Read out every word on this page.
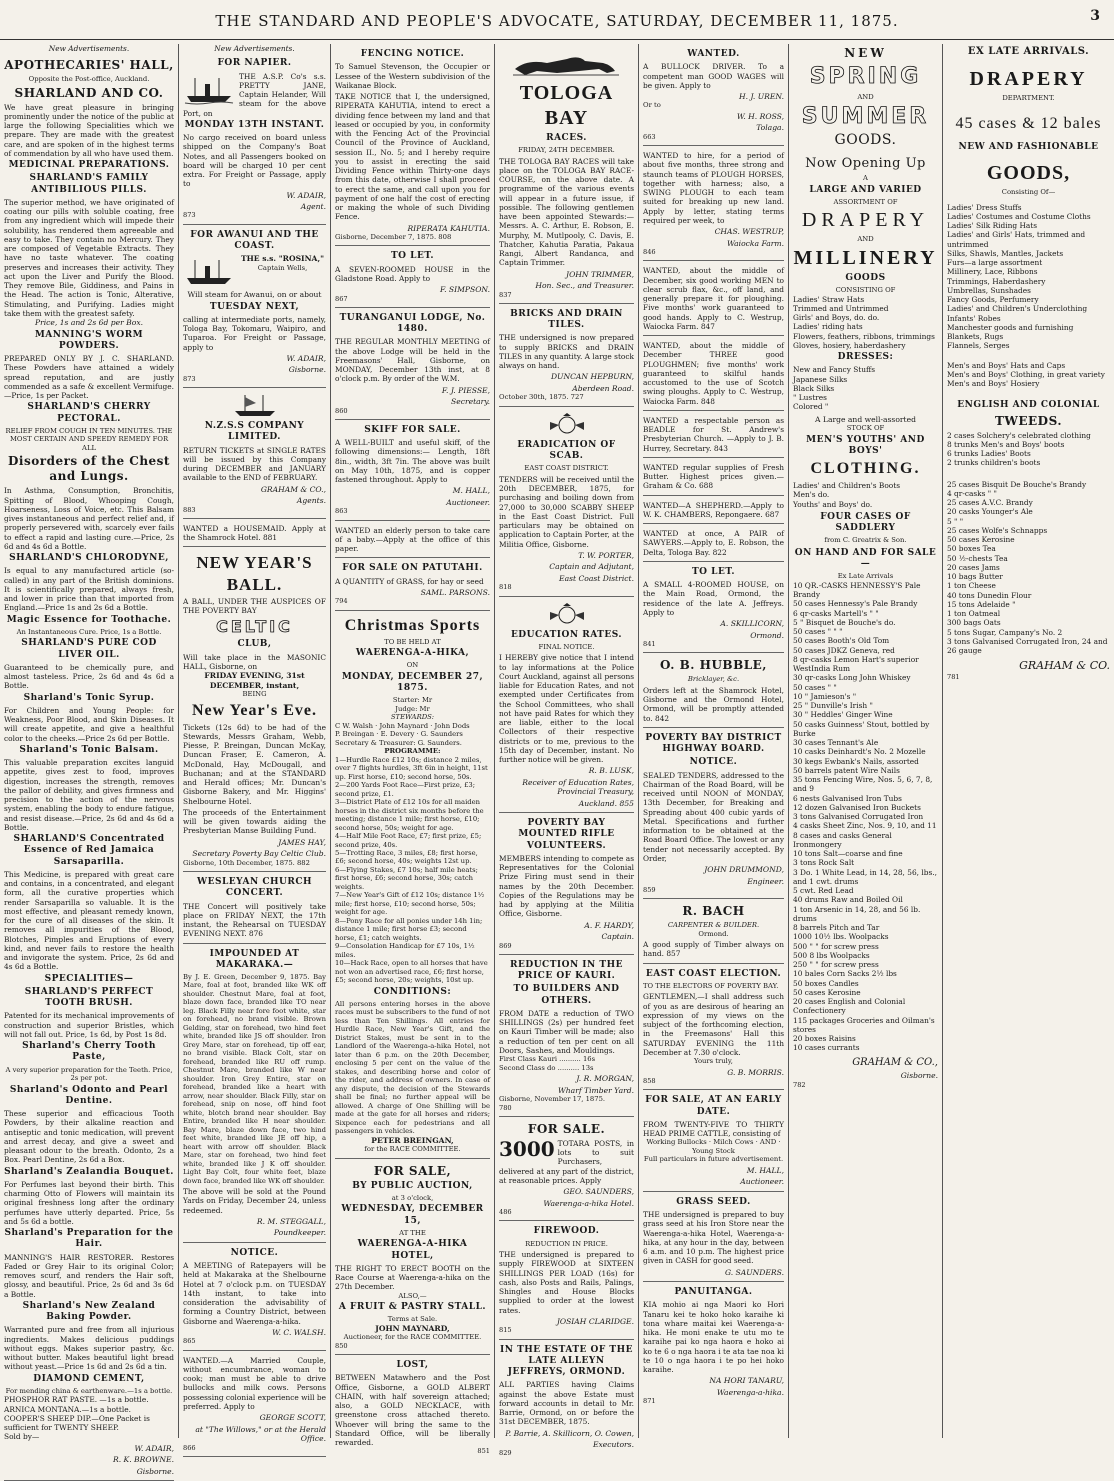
THE STANDARD AND PEOPLE'S ADVOCATE, SATURDAY, DECEMBER 11, 1875.	3
New Advertisements.
APOTHECARIES' HALL,
Opposite the Post-office, Auckland.
SHARLAND AND CO.
We have great pleasure in bringing prominently under the notice of the public at large the following Specialities which we prepare. They are made with the greatest care, and are spoken of in the highest terms of commendation by all who have used them.
MEDICINAL PREPARATIONS.
SHARLAND'S FAMILY ANTIBILIOUS PILLS.
The superior method, we have originated of coating our pills with soluble coating, free from any ingredient which will impede their solubility, has rendered them agreeable and easy to take. They contain no Mercury. They are composed of Vegetable Extracts. They have no taste whatever. The coating preserves and increases their activity. They act upon the Liver and Purify the Blood. They remove Bile, Giddiness, and Pains in the Head. The action is Tonic, Alterative, Stimulating, and Purifying. Ladies might take them with the greatest safety.
Price, 1s and 2s 6d per Box.
MANNING'S WORM POWDERS.
PREPARED ONLY BY J. C. SHARLAND. These Powders have attained a widely spread reputation, and are justly commended as a safe & excellent Vermifuge.—Price, 1s per Packet.
SHARLAND'S CHERRY PECTORAL.
RELIEF FROM COUGH IN TEN MINUTES. THE MOST CERTAIN AND SPEEDY REMEDY FOR ALL
Disorders of the Chest and Lungs.
In Asthma, Consumption, Bronchitis, Spitting of Blood, Whooping Cough, Hoarseness, Loss of Voice, etc. This Balsam gives instantaneous and perfect relief and, if properly persevered with, scarcely ever fails to effect a rapid and lasting cure.—Price, 2s 6d and 4s 6d a Bottle.
SHARLAND'S CHLORODYNE,
Is equal to any manufactured article (so-called) in any part of the British dominions. It is scientifically prepared, always fresh, and lower in price than that imported from England.—Price 1s and 2s 6d a Bottle.
Magic Essence for Toothache.
An Instantaneous Cure. Price, 1s a Bottle.
SHARLAND'S PURE COD LIVER OIL.
Guaranteed to be chemically pure, and almost tasteless. Price, 2s 6d and 4s 6d a Bottle.
Sharland's Tonic Syrup.
For Children and Young People: for Weakness, Poor Blood, and Skin Diseases. It will create appetite, and give a healthful color to the cheeks.—Price 2s 6d per Bottle.
Sharland's Tonic Balsam.
This valuable preparation excites languid appetite, gives zest to food, improves digestion, increases the strength, removes the pallor of debility, and gives firmness and precision to the action of the nervous system, enabling the body to endure fatigue, and resist disease.—Price, 2s 6d and 4s 6d a Bottle.
SHARLAND'S Concentrated Essence of Red Jamaica Sarsaparilla.
This Medicine, is prepared with great care and contains, in a concentrated, and elegant form, all the curative properties which render Sarsaparilla so valuable. It is the most effective, and pleasant remedy known, for the cure of all diseases of the skin. It removes all impurities of the Blood, Blotches, Pimples and Eruptions of every kind, and never fails to restore the health and invigorate the system. Price, 2s 6d and 4s 6d a Bottle.
SPECIALITIES—
SHARLAND'S PERFECT TOOTH BRUSH.
Patented for its mechanical improvements of construction and superior Bristles, which will not fall out. Price, 1s 6d, by Post 1s 8d.
Sharland's Cherry Tooth Paste,
A very superior preparation for the Teeth. Price, 2s per pot.
Sharland's Odonto and Pearl Dentine.
These superior and efficacious Tooth Powders, by their alkaline reaction and antiseptic and tonic medication, will prevent and arrest decay, and give a sweet and pleasant odour to the breath. Odonto, 2s a Box. Pearl Dentine, 2s 6d a Box.
Sharland's Zealandia Bouquet.
For Perfumes last beyond their birth. This charming Otto of Flowers will maintain its original freshness long after the ordinary perfumes have utterly departed. Price, 5s and 5s 6d a bottle.
Sharland's Preparation for the Hair.
MANNING'S HAIR RESTORER. Restores Faded or Grey Hair to its original Color; removes scurf, and renders the Hair soft, glossy, and beautiful. Price, 2s 6d and 3s 6d a Bottle.
Sharland's New Zealand Baking Powder.
Warranted pure and free from all injurious ingredients. Makes delicious puddings without eggs. Makes superior pastry, &c. without butter. Makes beautiful light bread without yeast.—Price 1s 6d and 2s 6d a tin.
DIAMOND CEMENT,
For mending china & earthenware.—1s a bottle.
PHOSPHOR RAT PASTE. —1s a bottle.
ARNICA MONTANA.—1s a bottle.
COOPER'S SHEEP DIP.—One Packet is sufficient for TWENTY SHEEP.
Sold by—
W. ADAIR,
R. K. BROWNE.
Gisborne.
New Advertisements.
FOR NAPIER.
THE A.S.P. Co's s.s. PRETTY JANE, Captain Helander, Will steam for the above Port, on
MONDAY 13TH INSTANT.
No cargo received on board unless shipped on the Company's Boat Notes, and all Passengers booked on board will be charged 10 per cent extra. For Freight or Passage, apply to
W. ADAIR,
Agent.
873
FOR AWANUI AND THE COAST.
THE s.s. "ROSINA,"
Captain Wells,
Will steam for Awanui, on or about
TUESDAY NEXT,
calling at intermediate ports, namely, Tologa Bay, Tokomaru, Waipiro, and Tuparoa. For Freight or Passage, apply to
W. ADAIR,
Gisborne.
873
N.Z.S.S COMPANY LIMITED.
RETURN TICKETS at SINGLE RATES will be issued by this Company during DECEMBER and JANUARY available to the END of FEBRUARY.
GRAHAM & CO.,
Agents.
883
WANTED a HOUSEMAID. Apply at the Shamrock Hotel. 881
NEW YEAR'S BALL.
A BALL, UNDER THE AUSPICES OF THE POVERTY BAY
CELTIC
CLUB,
Will take place in the MASONIC HALL, Gisborne, on
FRIDAY EVENING, 31st DECEMBER, instant,
BEING
New Year's Eve.
Tickets (12s 6d) to be had of the Stewards, Messrs Graham, Webb, Piesse, P. Breingan, Duncan McKay, Duncan Fraser, E. Cameron, A. McDonald, Hay, McDougall, and Buchanan; and at the STANDARD and Herald offices; Mr. Duncan's Gisborne Bakery, and Mr. Higgins' Shelbourne Hotel.
The proceeds of the Entertainment will be given towards aiding the Presbyterian Manse Building Fund.
JAMES HAY,
Secretary Poverty Bay Celtic Club.
Gisborne, 10th December, 1875. 882
WESLEYAN CHURCH CONCERT.
THE Concert will positively take place on FRIDAY NEXT, the 17th instant, the Rehearsal on TUESDAY EVENING NEXT. 876
IMPOUNDED AT MAKARAKA.—
By J. E. Green, December 9, 1875. Bay Mare, foal at foot, branded like WK off shoulder. Chestnut Mare, foal at foot, blaze down face, branded like TO near leg. Black Filly near fore foot white, star on forehead, no brand visible. Brown Gelding, star on forehead, two hind feet white, branded like JS off shoulder. Iron Grey Mare, star on forehead, tip off ear, no brand visible. Black Colt, star on forehead, branded like RU off rump. Chestnut Mare, branded like W near shoulder. Iron Grey Entire, star on forehead, branded like a heart with arrow, near shoulder. Black Filly, star on forehead, snip on nose, off hind foot white, blotch brand near shoulder. Bay Entire, branded like H near shoulder. Bay Mare, blaze down face, two hind feet white, branded like JE off hip, a heart with arrow off shoulder. Black Mare, star on forehead, two hind feet white, branded like J K off shoulder. Light Bay Colt, four white feet, blaze down face, branded like WK off shoulder.
The above will be sold at the Pound Yards on Friday, December 24, unless redeemed.
R. M. STEGGALL,
Poundkeeper.
NOTICE.
A MEETING of Ratepayers will be held at Makaraka at the Shelbourne Hotel at 7 o'clock p.m. on TUESDAY 14th instant, to take into consideration the advisability of forming a Country District, between Gisborne and Waerenga-a-hika.
W. C. WALSH.
865
WANTED.—A Married Couple, without encumbrance, woman to cook; man must be able to drive bullocks and milk cows. Persons possessing colonial experience will be preferred. Apply to
GEORGE SCOTT,
at "The Willows," or at the Herald Office.
866
FENCING NOTICE.
To Samuel Stevenson, the Occupier or Lessee of the Western subdivision of the Waikanae Block.
TAKE NOTICE that I, the undersigned, RIPERATA KAHUTIA, intend to erect a dividing fence between my land and that leased or occupied by you, in conformity with the Fencing Act of the Provincial Council of the Province of Auckland, session II., No. 5; and I hereby require you to assist in erecting the said Dividing Fence within Thirty-one days from this date, otherwise I shall proceed to erect the same, and call upon you for payment of one half the cost of erecting or making the whole of such Dividing Fence.
RIPERATA KAHUTIA.
Gisborne, December 7, 1875. 808
TO LET.
A SEVEN-ROOMED HOUSE in the Gladstone Road. Apply to
F. SIMPSON.
867
TURANGANUI LODGE, No. 1480.
THE REGULAR MONTHLY MEETING of the above Lodge will be held in the Freemasons' Hall, Gisborne, on MONDAY, December 13th inst, at 8 o'clock p.m. By order of the W.M.
F. J. PIESSE,
Secretary.
860
SKIFF FOR SALE.
A WELL-BUILT and useful skiff, of the following dimensions:— Length, 18ft 8in., width, 3ft 7in. The above was built on May 10th, 1875, and is copper fastened throughout. Apply to
M. HALL,
Auctioneer.
863
WANTED an elderly person to take care of a baby.—Apply at the office of this paper.
FOR SALE ON PATUTAHI.
A QUANTITY of GRASS, for hay or seed
SAML. PARSONS.
794
Christmas Sports
TO BE HELD AT
WAERENGA-A-HIKA,
ON
MONDAY, DECEMBER 27, 1875.
Starter: Mr
Judge: Mr
STEWARDS:
C W. Walsh · John Maynard · John Dods
P. Breingan · E. Devery · G. Saunders
Secretary & Treasurer: G. Saunders.
PROGRAMME:
1—Hurdle Race £12 10s; distance 2 miles, over 7 flights hurdles, 3ft 6in in height, 11st up. First horse, £10; second horse, 50s.
2—200 Yards Foot Race—First prize, £3; second prize, £1.
3—District Plate of £12 10s for all maiden horses in the district six months before the meeting; distance 1 mile; first horse, £10; second horse, 50s; weight for age.
4—Half Mile Foot Race, £7; first prize, £5; second prize, 40s.
5—Trotting Race, 3 miles, £8; first horse, £6; second horse, 40s; weights 12st up.
6—Flying Stakes, £7 10s; half mile heats; first horse, £6; second horse, 30s; catch weights.
7—New Year's Gift of £12 10s; distance 1½ mile; first horse, £10; second horse, 50s; weight for age.
8—Pony Race for all ponies under 14h 1in; distance 1 mile; first horse £3; second horse, £1; catch weights.
9—Consolation Handicap for £7 10s, 1½ miles.
10—Hack Race, open to all horses that have not won an advertised race, £6; first horse, £5; second horse, 20s; weights, 10st up.
CONDITIONS:
All persons entering horses in the above races must be subscribers to the fund of not less than Ten Shillings. All entries for Hurdle Race, New Year's Gift, and the District Stakes, must be sent in to the Landlord of the Waerenga-a-hika Hotel, not later than 6 p.m. on the 20th December, enclosing 5 per cent on the value of the stakes, and describing horse and color of the rider, and address of owners. In case of any dispute, the decision of the Stewards shall be final; no further appeal will be allowed. A charge of One Shilling will be made at the gate for all horses and riders; Sixpence each for pedestrians and all passengers in vehicles.
PETER BREINGAN,
for the RACE COMMITTEE.
FOR SALE,
BY PUBLIC AUCTION,
at 3 o'clock,
WEDNESDAY, DECEMBER 15,
AT THE
WAERENGA-A-HIKA HOTEL,
THE RIGHT TO ERECT BOOTH on the Race Course at Waerenga-a-hika on the 27th December.
ALSO,—
A FRUIT & PASTRY STALL.
Terms at Sale.
JOHN MAYNARD,
Auctioneer, for the RACE COMMITTEE.
850
LOST,
BETWEEN Matawhero and the Post Office, Gisborne, a GOLD ALBERT CHAIN, with half sovereign attached; also, a GOLD NECKLACE, with greenstone cross attached thereto. Whoever will bring the same to the Standard Office, will be liberally rewarded.
851
TOLOGA BAY
RACES.
FRIDAY, 24TH DECEMBER.
THE TOLOGA BAY RACES will take place on the TOLOGA BAY RACE-COURSE, on the above date. A programme of the various events will appear in a future issue, if possible. The following gentlemen have been appointed Stewards:— Messrs. A. C. Arthur, E. Robson, E. Murphy, M. Mutlpooly, C. Davis, E. Thatcher, Kahutia Paratia, Pakaua Rangi, Albert Randanca, and Captain Trimmer.
JOHN TRIMMER,
Hon. Sec., and Treasurer.
837
BRICKS AND DRAIN TILES.
THE undersigned is now prepared to supply BRICKS and DRAIN TILES in any quantity. A large stock always on hand.
DUNCAN HEPBURN,
Aberdeen Road.
October 30th, 1875. 727
ERADICATION OF SCAB.
EAST COAST DISTRICT.
TENDERS will be received until the 20th DECEMBER, 1875, for purchasing and boiling down from 27,000 to 30,000 SCABBY SHEEP in the East Coast District. Full particulars may be obtained on application to Captain Porter, at the Militia Office, Gisborne.
T. W. PORTER,
Captain and Adjutant,
East Coast District.
818
EDUCATION RATES.
FINAL NOTICE.
I HEREBY give notice that I intend to lay informations at the Police Court Auckland, against all persons liable for Education Rates, and not exempted under Certificates from the School Committees, who shall not have paid Rates for which they are liable, either to the local Collectors of their respective districts or to me, previous to the 15th day of December, instant. No further notice will be given.
R. B. LUSK,
Receiver of Education Rates, Provincial Treasury,
Auckland. 855
POVERTY BAY MOUNTED RIFLE VOLUNTEERS.
MEMBERS intending to compete as Representatives for the Colonial Prize Firing must send in their names by the 20th December. Copies of the Regulations may be had by applying at the Militia Office, Gisborne.
A. F. HARDY,
Captain.
869
REDUCTION IN THE PRICE OF KAURI.
TO BUILDERS AND OTHERS.
FROM DATE a reduction of TWO SHILLINGS (2s) per hundred feet on Kauri Timber will be made; also a reduction of ten per cent on all Doors, Sashes, and Mouldings.
First Class Kauri .......... 16s
Second Class do .......... 13s
J. R. MORGAN,
Wharf Timber Yard.
Gisborne, November 17, 1875.
780
FOR SALE.
3000 TOTARA POSTS, in lots to suit Purchasers, delivered at any part of the district, at reasonable prices. Apply
GEO. SAUNDERS,
Waerenga-a-hika Hotel.
486
FIREWOOD.
REDUCTION IN PRICE.
THE undersigned is prepared to supply FIREWOOD at SIXTEEN SHILLINGS PER LOAD (16s) for cash, also Posts and Rails, Palings, Shingles and House Blocks supplied to order at the lowest rates.
JOSIAH CLARIDGE.
815
IN THE ESTATE OF THE LATE ALLEYN JEFFREYS, ORMOND.
ALL PARTIES having Claims against the above Estate must forward accounts in detail to Mr. Barrie, Ormond, on or before the 31st DECEMBER, 1875.
P. Barrie, A. Skillicorn, O. Cowen,
Executors.
829
WANTED.
A BULLOCK DRIVER. To a competent man GOOD WAGES will be given. Apply to
H. J. UREN.
Or to
W. H. ROSS,
Tolaga.
663
WANTED to hire, for a period of about five months, three strong and staunch teams of PLOUGH HORSES, together with harness; also, a SWING PLOUGH to each team suited for breaking up new land. Apply by letter, stating terms required per week, to
CHAS. WESTRUP,
Waiocka Farm.
846
WANTED, about the middle of December, six good working MEN to clear scrub flax, &c., off land, and generally prepare it for ploughing. Five months' work guaranteed to good hands. Apply to C. Westrup, Waiocka Farm. 847
WANTED, about the middle of December THREE good PLOUGHMEN; five months' work guaranteed to skilful hands accustomed to the use of Scotch swing ploughs. Apply to C. Westrup, Waiocka Farm. 848
WANTED a respectable person as BEADLE for St. Andrew's Presbyterian Church. —Apply to J. B. Hurrey, Secretary. 843
WANTED regular supplies of Fresh Butter. Highest prices given.— Graham & Co. 688
WANTED—A SHEPHERD.—Apply to W. K. CHAMBERS, Repongaere. 687
WANTED at once, A PAIR of SAWYERS.—Apply to, E. Robson, the Delta, Tologa Bay. 822
TO LET.
A SMALL 4-ROOMED HOUSE, on the Main Road, Ormond, the residence of the late A. Jeffreys. Apply to
A. SKILLICORN,
Ormond.
841
O. B. HUBBLE,
Bricklayer, &c.
Orders left at the Shamrock Hotel, Gisborne and the Ormond Hotel, Ormond, will be promptly attended to. 842
POVERTY BAY DISTRICT HIGHWAY BOARD.
NOTICE.
SEALED TENDERS, addressed to the Chairman of the Road Board, will be received until NOON of MONDAY, 13th December, for Breaking and Spreading about 400 cubic yards of Metal. Specifications and further information to be obtained at the Road Board Office. The lowest or any tender not necessarily accepted. By Order,
JOHN DRUMMOND,
Engineer.
859
R. BACH
CARPENTER & BUILDER.
Ormond.
A good supply of Timber always on hand. 857
EAST COAST ELECTION.
TO THE ELECTORS OF POVERTY BAY.
GENTLEMEN,—I shall address such of you as are desirous of hearing an expression of my views on the subject of the forthcoming election, in the Freemasons' Hall this SATURDAY EVENING the 11th December at 7.30 o'clock.
Yours truly,
G. B. MORRIS.
858
FOR SALE, AT AN EARLY DATE.
FROM TWENTY-FIVE TO THIRTY HEAD PRIME CATTLE, consisting of
Working Bullocks · Milch Cows · AND · Young Stock
Full particulars in future advertisement.
M. HALL,
Auctioneer.
GRASS SEED.
THE undersigned is prepared to buy grass seed at his Iron Store near the Waerenga-a-hika Hotel, Waerenga-a-hika, at any hour in the day, between 6 a.m. and 10 p.m. The highest price given in CASH for good seed.
G. SAUNDERS.
PANUITANGA.
KIA mohio ai nga Maori ko Hori Tanaru kei te hoko hoko karaihe ki tona whare maitai kei Waerenga-a-hika. He moni enake te utu mo te karaihe pai ko nga haora e hoko ai ko te 6 o nga haora i te ata tae noa ki te 10 o nga haora i te po hei hoko karaihe.
NA HORI TANARU,
Waerenga-a-hika.
871
NEW
SPRING
AND
SUMMER
GOODS.
Now Opening Up
A
LARGE AND VARIED
ASSORTMENT OF
DRAPERY
AND
MILLINERY
GOODS
CONSISTING OF
Ladies' Straw Hats
Trimmed and Untrimmed
Girls' and Boys, do. do.
Ladies' riding hats
Flowers, feathers, ribbons, trimmings
Gloves, hosiery, haberdashery
DRESSES:
New and Fancy Stuffs
Japanese Silks
Black Silks
" Lustres
Colored "
A Large and well-assorted
STOCK OF
MEN'S YOUTHS' AND BOYS'
CLOTHING.
Ladies' and Children's Boots
Men's do.
Youths' and Boys' do.
FOUR CASES OF SADDLERY
from C. Greatrix & Son.
ON HAND AND FOR SALE—
Ex Late Arrivals
10 QR.-CASKS HENNESSY'S Pale Brandy
50 cases Hennessy's Pale Brandy
6 qr-casks Martell's " "
5 " Bisquet de Bouche's do.
50 cases " " "
50 cases Booth's Old Tom
50 cases JDKZ Geneva, red
8 qr-casks Lemon Hart's superior WestIndia Rum
30 qr-casks Long John Whiskey
50 cases " "
10 " Jamieson's "
25 " Dunville's Irish "
30 " Heddles' Ginger Wine
50 casks Guinness' Stout, bottled by Burke
30 cases Tennant's Ale
10 casks Deinhardt's No. 2 Mozelle
30 kegs Ewbank's Nails, assorted
50 barrels patent Wire Nails
35 tons Fencing Wire, Nos. 5, 6, 7, 8, and 9
6 nests Galvanised Iron Tubs
12 dozen Galvanised Iron Buckets
3 tons Galvanised Corrugated Iron
4 casks Sheet Zinc, Nos. 9, 10, and 11
8 cases and casks General Ironmongery
10 tons Salt—coarse and fine
3 tons Rock Salt
3 Do. 1 White Lead, in 14, 28, 56, lbs., and 1 cwt. drums
5 cwt. Red Lead
40 drums Raw and Boiled Oil
1 ton Arsenic in 14, 28, and 56 lb. drums
8 barrels Pitch and Tar
1000 10½ lbs. Woolpacks
500 " " for screw press
500 8 lbs Woolpacks
250 " " for screw press
10 bales Corn Sacks 2½ lbs
50 boxes Candles
50 cases Kerosine
20 cases English and Colonial Confectionery
115 packages Groceries and Oilman's stores
20 boxes Raisins
10 cases currants
GRAHAM & CO.,
Gisborne.
782
EX LATE ARRIVALS.
DRAPERY
DEPARTMENT.
45 cases & 12 bales
NEW AND FASHIONABLE
GOODS,
Consisting Of—
Ladies' Dress Stuffs
Ladies' Costumes and Costume Cloths
Ladies' Silk Riding Hats
Ladies' and Girls' Hats, trimmed and untrimmed
Silks, Shawls, Mantles, Jackets
Furs—a large assortment
Millinery, Lace, Ribbons
Trimmings, Haberdashery
Umbrellas, Sunshades
Fancy Goods, Perfumery
Ladies' and Children's Underclothing
Infants' Robes
Manchester goods and furnishing
Blankets, Rugs
Flannels, Serges
Men's and Boys' Hats and Caps
Men's and Boys' Clothing, in great variety
Men's and Boys' Hosiery
ENGLISH AND COLONIAL
TWEEDS.
2 cases Solchery's celebrated clothing
8 trunks Men's and Boys' boots
6 trunks Ladies' Boots
2 trunks children's boots
25 cases Bisquit De Bouche's Brandy
4 qr-casks " "
25 cases A.V.C. Brandy
20 casks Younger's Ale
5 " "
25 cases Wolfe's Schnapps
50 cases Kerosine
50 boxes Tea
50 ½-chests Tea
20 cases Jams
10 bags Butter
1 ton Cheese
40 tons Dunedin Flour
15 tons Adelaide "
1 ton Oatmeal
300 bags Oats
5 tons Sugar, Campany's No. 2
3 tons Galvanised Corrugated Iron, 24 and 26 gauge
GRAHAM & CO.
781
